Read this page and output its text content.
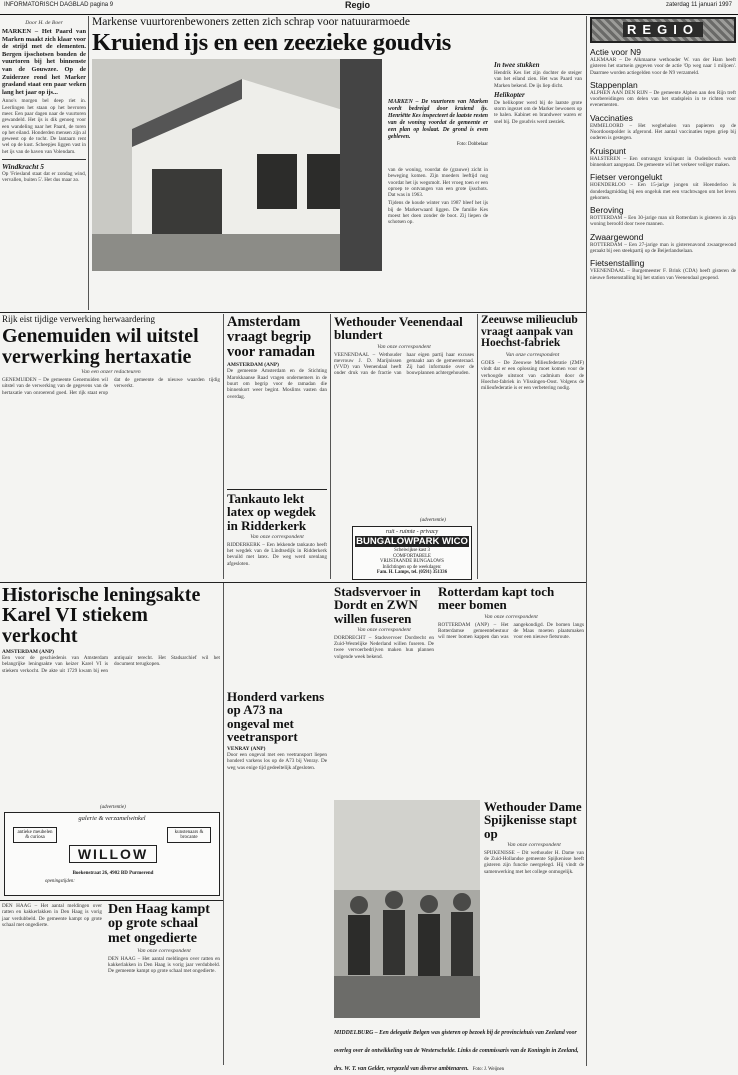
INFORMATORISCH DAGBLAD pagina 9	Regio	zaterdag 11 januari 1997
Door H. de Boer
MARKEN – Het Paard van Marken maakt zich klaar voor de strijd met de elementen. Bergen ijsschotsen bonden de vuurtoren bij het binnenste van de Gouwzee. Op de Zuiderzee rond het Marker grasland staat een paar weken lang het jaar op ijs...
Anno's morgen bel deep riet in. Leerlingen het staan op het bevroren meer. Een paar dagen naar de vuurtoren gewandeld. Het ijs is dik genoeg voor een wandeling naar het Paard, de toren op het eiland. Honderden mensen zijn al geweest op de tocht. De lantaarn rent wel op de kust. Scheepjes liggen vast in het ijs van de haven van Volendam.
Windkracht 5
Op 'Friesland staat dat er zondag wind, vervallen, buiten 5'. Het dus maar zo.
Markense vuurtorenbewoners zetten zich schrap voor natuurarmoede
Kruiend ijs en een zeezieke goudvis
MARKEN – De vuurtoren van Marken wordt bedreigd door kruiend ijs. Henriëtte Kes inspecteert de laatste resten van de woning voordat de gemeente er een plan op loslaat. De grond is even gebleven.
Foto: Dobbelaar
van de woning, voordat de (grauwe) zicht in beweging komen. Zijn moeders leeftijd nog voordat het ijs wegsmolt. Het vroeg toen er een oproep te ontvangen van een grote ijsschots. Dat was in 1963.
Tijdens de koude winter van 1987 bleef het ijs bij de Markerwaard liggen. De familie Kes moest het doen zonder de boot. Zij liepen de schotsen op.
In twee stukken
Hendrik Kes liet zijn dochter de steiger van het eiland zien. Het was Paard van Marken bekend. De ijs liep dicht.
Helikopter
De helikopter werd bij de laatste grote storm ingezet om de Marker bewoners op te halen. Kabinet en brandweer waren er snel bij. De goudvis werd zeeziek.
REGIO
Actie voor N9
ALKMAAR – De Alkmaarse wethouder W. van der Ham heeft gisteren het startsein gegeven voor de actie 'Op weg naar 1 miljoen'. Daarmee worden actiegelden voor de N9 verzameld.
Stappenplan
ALPHEN AAN DEN RIJN – De gemeente Alphen aan den Rijn treft voorbereidingen om delen van het stadsplein in te richten voor evenementen.
Vaccinaties
EMMELOORD – Het wegbehalen van papieren op de Noordoostpolder is afgerond. Het aantal vaccinaties tegen griep bij ouderen is gestegen.
Kruispunt
HALSTEREN – Een ontvangst kruispunt in Oudenbosch wordt binnenkort aangepast. De gemeente wil het verkeer veiliger maken.
Fietser verongelukt
HOENDERLOO – Een 15-jarige jongen uit Hoenderloo is donderdagmiddag bij een ongeluk met een vrachtwagen om het leven gekomen.
Beroving
ROTTERDAM – Een 30-jarige man uit Rotterdam is gisteren in zijn woning beroofd door twee mannen.
Zwaargewond
ROTTERDAM – Een 27-jarige man is gisterenavond zwaargewond geraakt bij een steekpartij op de Beijerlandselaan.
Fietsenstalling
VEENENDAAL – Burgemeester F. Brink (CDA) heeft gisteren de nieuwe fietsenstalling bij het station van Veenendaal geopend.
Rijk eist tijdige verwerking herwaardering
Genemuiden wil uitstel verwerking hertaxatie
Van een onzer redacteuren
GENEMUIDEN – De gemeente Genemuiden wil uitstel van de verwerking van de gegevens van de hertaxatie van onroerend goed. Het rijk staat erop dat de gemeente de nieuwe waarden tijdig verwerkt.
Amsterdam vraagt begrip voor ramadan
AMSTERDAM (ANP)
De gemeente Amsterdam en de Stichting Marokkaanse Raad vragen ondernemers in de buurt om begrip voor de ramadan die binnenkort weer begint. Moslims vasten dan overdag.
Tankauto lekt latex op wegdek in Ridderkerk
Van onze correspondent
RIDDERKERK – Een lekkende tankauto heeft het wegdek van de Lindtsedijk in Ridderkerk bevuild met latex. De weg werd urenlang afgesloten.
Wethouder Veenendaal blundert
Van onze correspondent
VEENENDAAL – Wethouder mevrouw J. D. Marijnissen (VVD) van Veenendaal heeft onder druk van de fractie van haar eigen partij haar excuses gemaakt aan de gemeenteraad. Zij had informatie over de bouwplannen achtergehouden.
(advertentie)
ruit - ruimte - privacy
BUNGALOWPARK WICO
Scheiwijkse kast 3
COMFORTABELE
VRIJSTAANDE BUNGALOWS
Inlichtingen op de weekdagen:
Fam. H. Lamps, tel. (0591) 351336
Zeeuwse milieuclub vraagt aanpak van Hoechst-fabriek
Van onze correspondent
GOES – De Zeeuwse Milieufederatie (ZMF) vindt dat er een oplossing moet komen voor de verhoogde uitstoot van cadmium door de Hoechst-fabriek in Vlissingen-Oost. Volgens de milieufederatie is er een verbetering nodig.
Historische leningsakte Karel VI stiekem verkocht
AMSTERDAM (ANP)
Een voor de geschiedenis van Amsterdam belangrijke leningsakte van keizer Karel VI is stiekem verkocht. De akte uit 1729 kwam bij een antiquair terecht. Het Stadsarchief wil het document terugkopen.
(advertentie)
galerie & verzamelwinkel
antieke meubelen & curiosa
kunstenaars & brocante
WILLOW
Boekenstraat 26, 4902 BD Purmerend
openingstijden:
DEN HAAG – Het aantal meldingen over ratten en kakkerlakken in Den Haag is vorig jaar verdubbeld. De gemeente kampt op grote schaal met ongedierte.
Den Haag kampt op grote schaal met ongedierte
Van onze correspondent
DEN HAAG – Het aantal meldingen over ratten en kakkerlakken in Den Haag is vorig jaar verdubbeld. De gemeente kampt op grote schaal met ongedierte.
Honderd varkens op A73 na ongeval met veetransport
VENRAY (ANP)
Door een ongeval met een veetransport liepen honderd varkens los op de A73 bij Venray. De weg was enige tijd gedeeltelijk afgesloten.
Stadsvervoer in Dordt en ZWN willen fuseren
Van onze correspondent
DORDRECHT – Stadsvervoer Dordrecht en Zuid-Westelijke Nederland willen fuseren. De twee vervoerbedrijven maken hun plannen volgende week bekend.
Rotterdam kapt toch meer bomen
Van onze correspondent
ROTTERDAM (ANP) – Het Rotterdamse gemeentebestuur wil meer bomen kappen dan was aangekondigd. De bomen langs de Maas moeten plaatsmaken voor een nieuwe fietsroute.
MIDDELBURG – Een delegatie Belgen was gisteren op bezoek bij de provinciehuis van Zeeland voor overleg over de ontwikkeling van de Westerschelde. Links de commissaris van de Koningin in Zeeland, drs. W. T. van Gelder, vergezeld van diverse ambtenaren. Foto: J. Weijnen
Wethouder Dame Spijkenisse stapt op
Van onze correspondent
SPIJKENISSE – Dit wethouder H. Dame van de Zuid-Hollandse gemeente Spijkenisse heeft gisteren zijn functie neergelegd. Hij vindt de samenwerking met het college onmogelijk.
